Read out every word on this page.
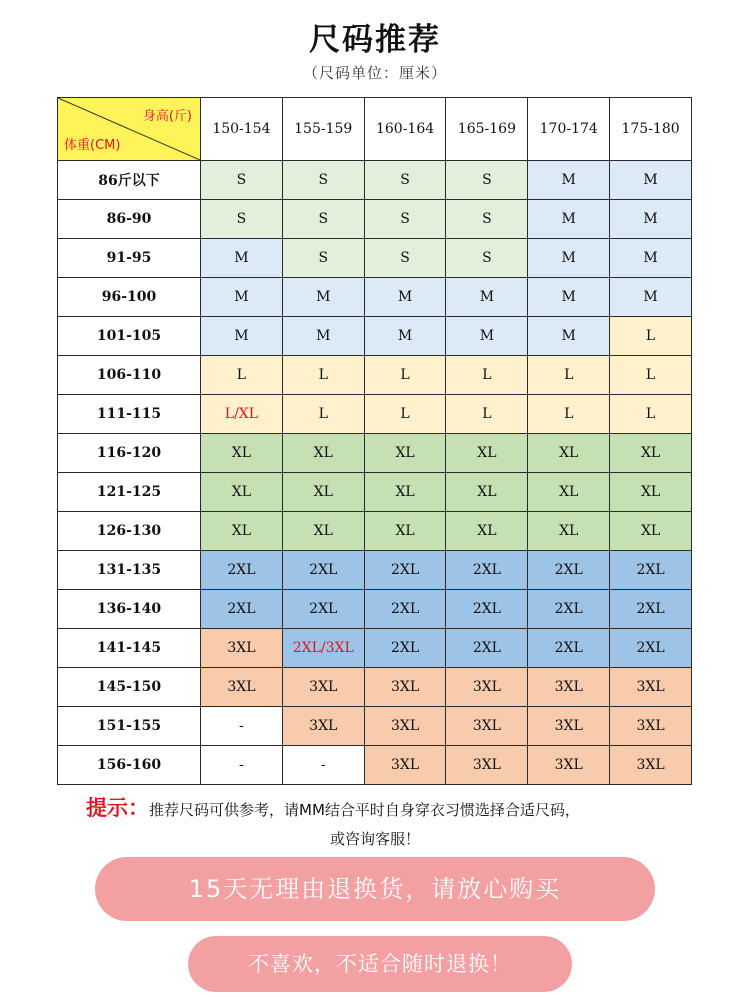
尺码推荐
（尺码单位：厘米）
身高(斤)
体重(CM)	150-154	155-159	160-164	165-169	170-174	175-180
86斤以下	S	S	S	S	M	M
86-90	S	S	S	S	M	M
91-95	M	S	S	S	M	M
96-100	M	M	M	M	M	M
101-105	M	M	M	M	M	L
106-110	L	L	L	L	L	L
111-115	L/XL	L	L	L	L	L
116-120	XL	XL	XL	XL	XL	XL
121-125	XL	XL	XL	XL	XL	XL
126-130	XL	XL	XL	XL	XL	XL
131-135	2XL	2XL	2XL	2XL	2XL	2XL
136-140	2XL	2XL	2XL	2XL	2XL	2XL
141-145	3XL	2XL/3XL	2XL	2XL	2XL	2XL
145-150	3XL	3XL	3XL	3XL	3XL	3XL
151-155	-	3XL	3XL	3XL	3XL	3XL
156-160	-	-	3XL	3XL	3XL	3XL
提示：推荐尺码可供参考，请MM结合平时自身穿衣习惯选择合适尺码，
或咨询客服！
15天无理由退换货，请放心购买
不喜欢，不适合随时退换！
